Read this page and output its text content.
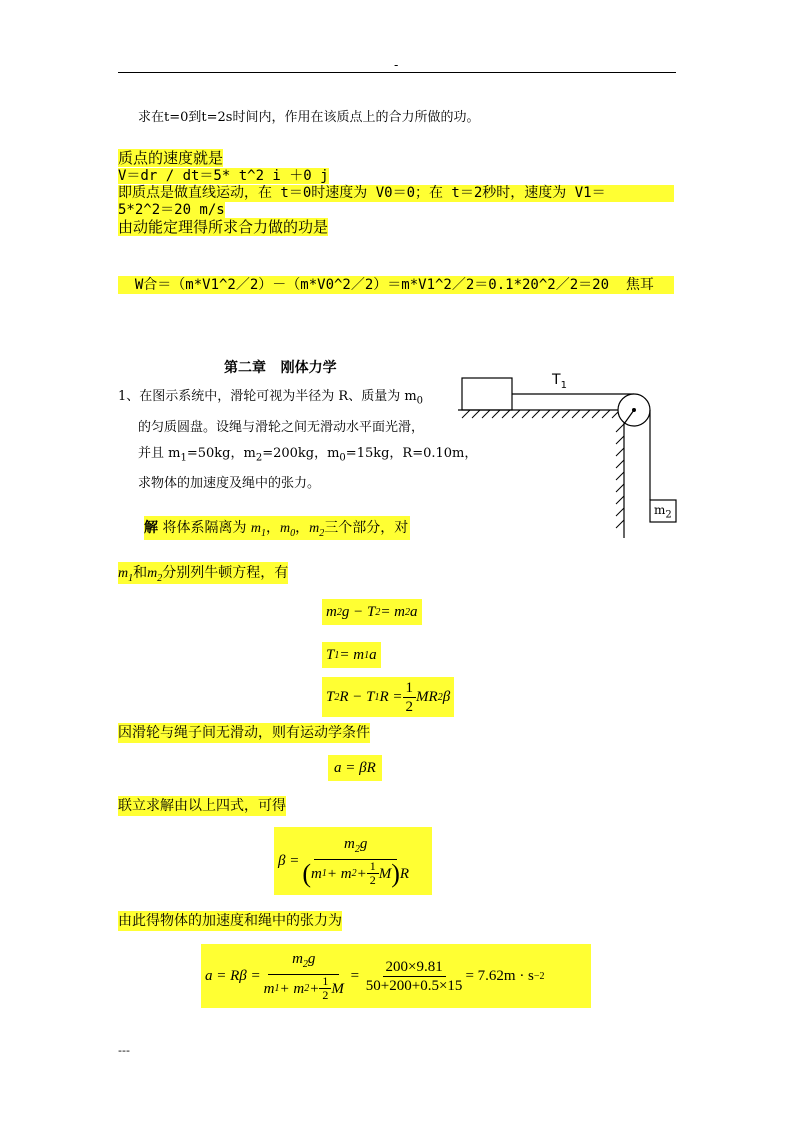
-
求在t=0到t=2s时间内，作用在该质点上的合力所做的功。
质点的速度就是
V＝dr / dt＝5* t^2 i ＋0 j
即质点是做直线运动，在 t＝0时速度为 V0＝0；在 t＝2秒时，速度为 V1＝
5*2^2＝20 m/s
由动能定理得所求合力做的功是
W合＝（m*V1^2／2）－（m*V0^2／2）＝m*V1^2／2＝0.1*20^2／2＝20  焦耳
第二章   刚体力学
1、在图示系统中，滑轮可视为半径为 R、质量为 $m_0$
的匀质圆盘。设绳与滑轮之间无滑动水平面光滑，
并且 $m_1=50kg$，$m_2=200kg$，$m_0=15kg$，R=0.10m，
求物体的加速度及绳中的张力。
$T_1$
$m_2$
解 将体系隔离为 $m_1$，$m_0$，$m_2$三个部分，对
$m_1$和$m_2$分别列牛顿方程，有
m 2 g − T 2 = m 2 a
T 1 = m 1 a
T 2 R − T 1 $R = \frac{1}{2}$ MR 2 β
因滑轮与绳子间无滑动，则有运动学条件
a = βR
联立求解由以上四式，可得
$\beta = \frac{m_2g}{( m 1 + m 2 + \frac{1}{2} M ) R}$
由此得物体的加速度和绳中的张力为
$a = R\beta = \frac{m_2g}{m 1 + m 2 + \frac{1}{2} M} = \frac{200\times 9.81}{50+200+0.5\times 15} = 7.62m \cdot s -2$
---
